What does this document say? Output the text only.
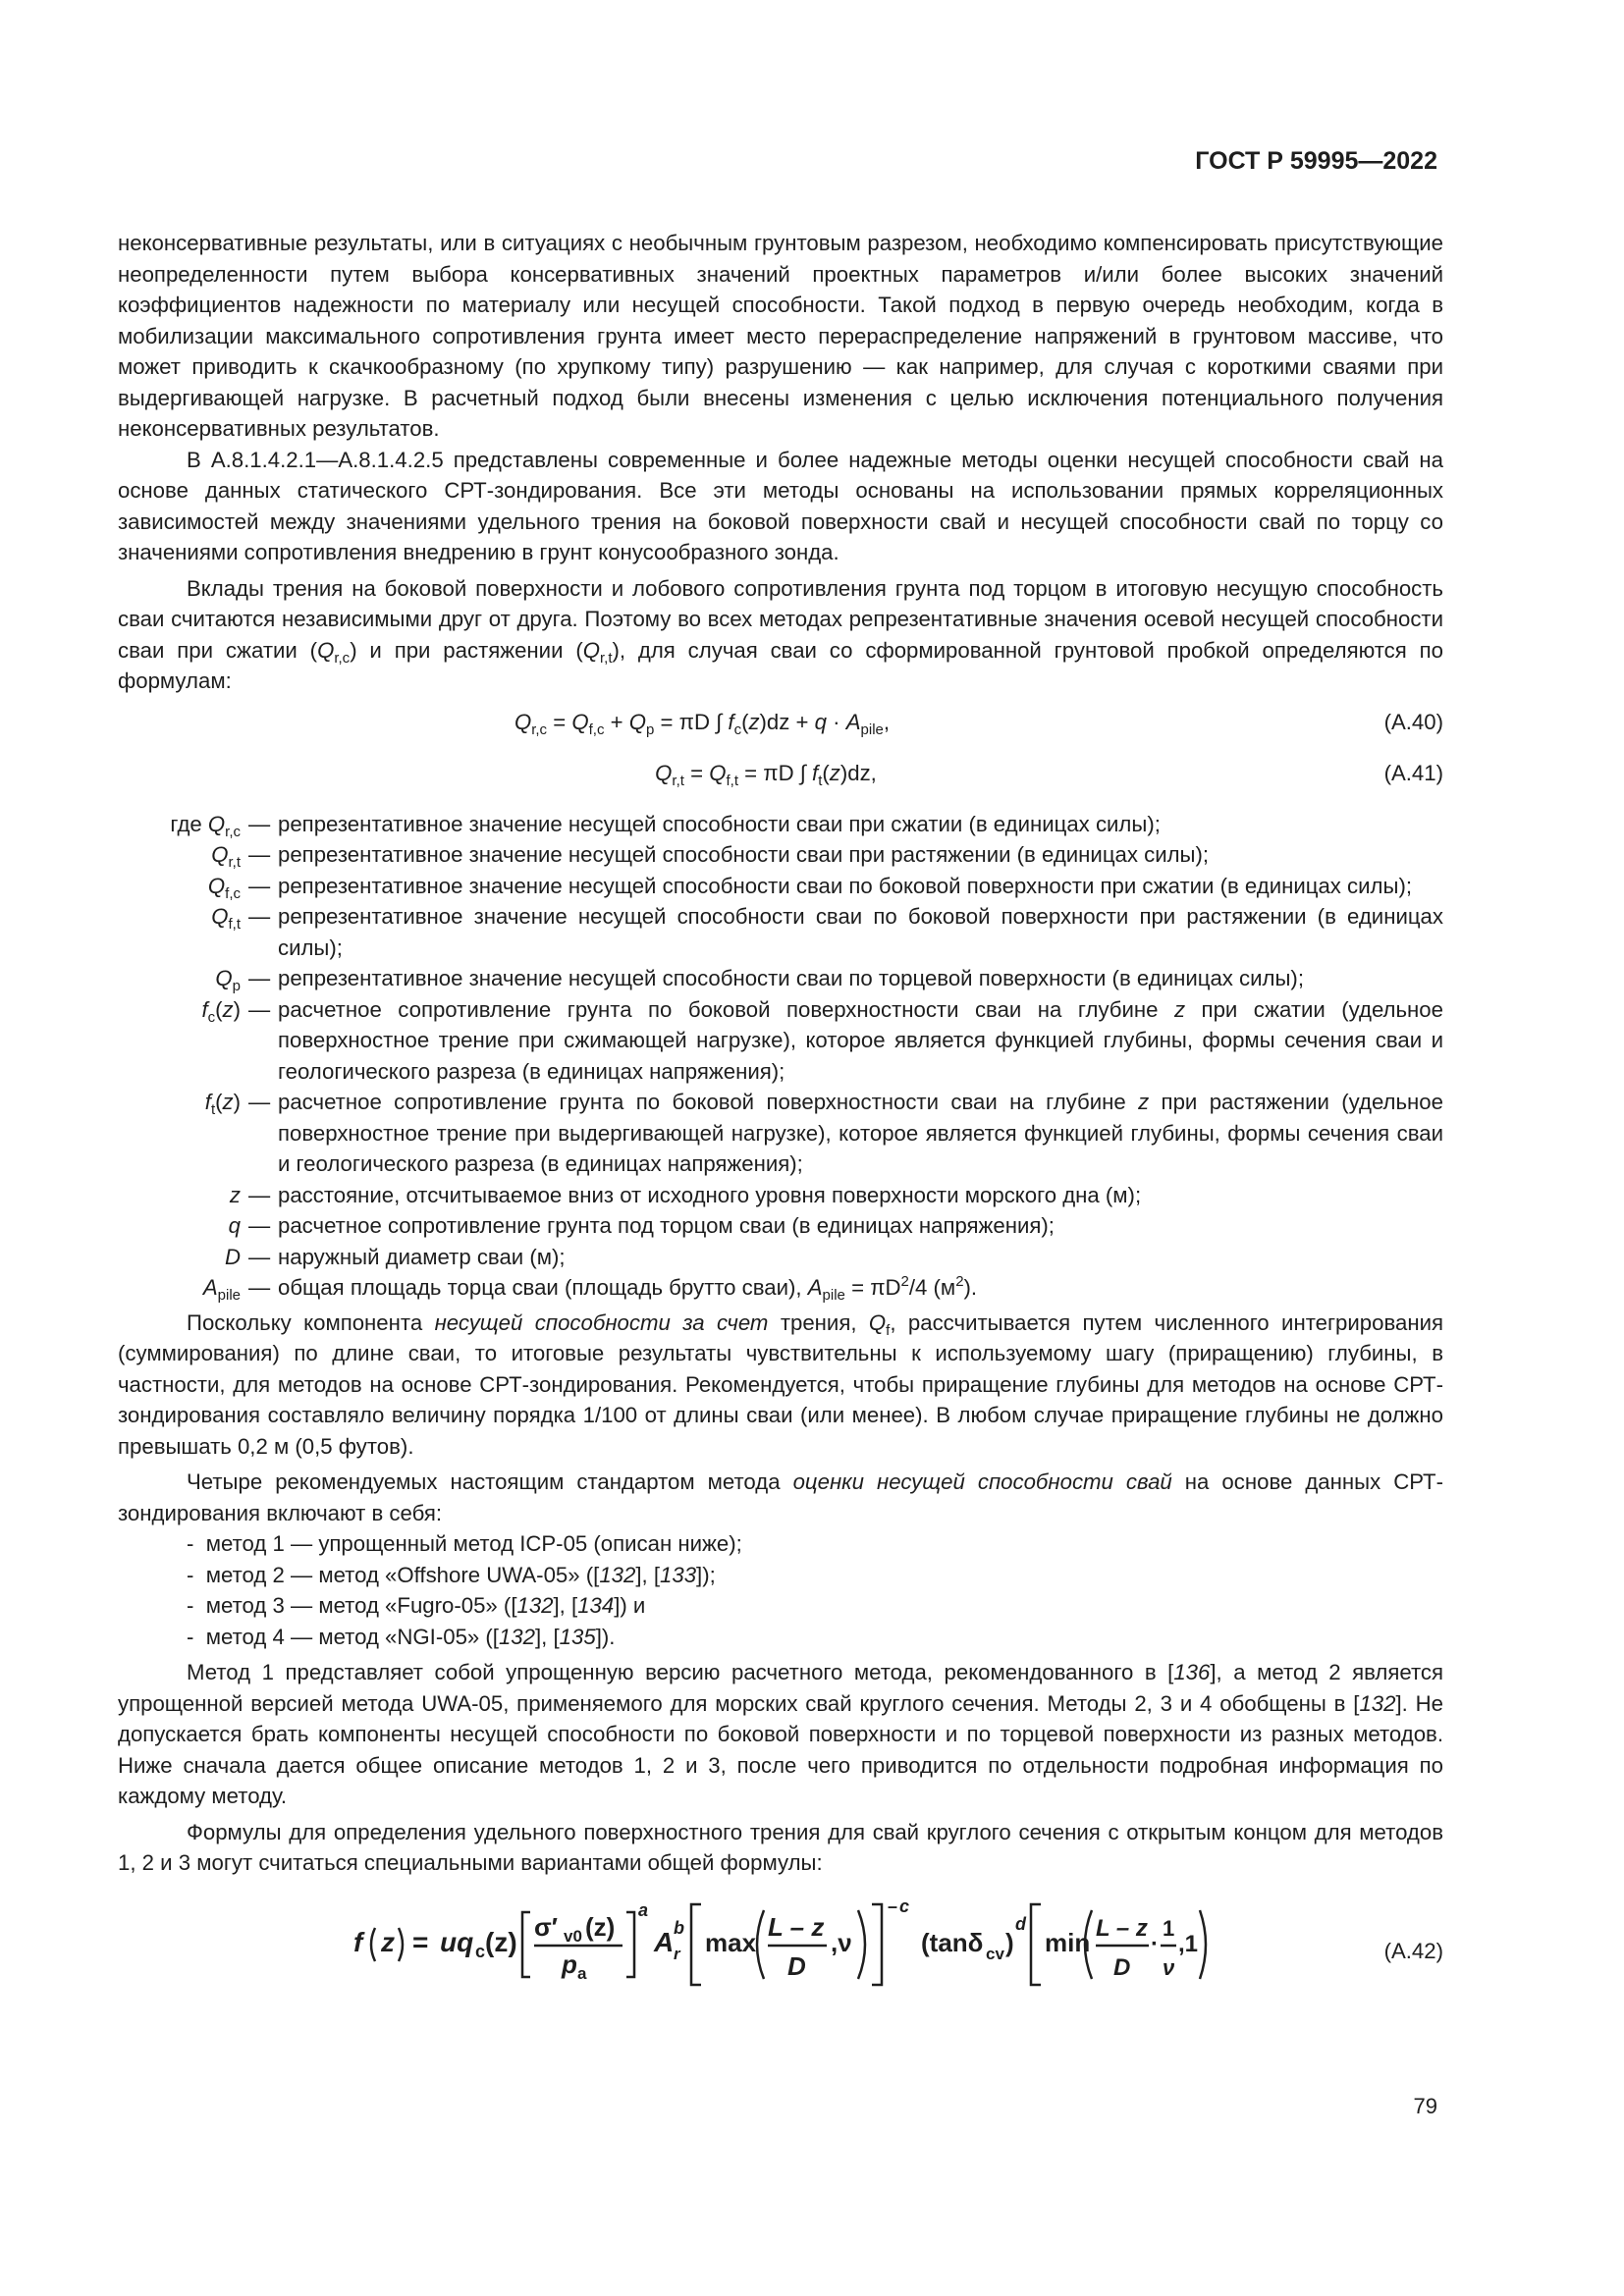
ГОСТ Р 59995—2022

неконсервативные результаты, или в ситуациях с необычным грунтовым разрезом, необходимо компенсировать присутствующие неопределенности путем выбора консервативных значений проектных параметров и/или более высоких значений коэффициентов надежности по материалу или несущей способности. Такой подход в первую очередь необходим, когда в мобилизации максимального сопротивления грунта имеет место перераспределение напряжений в грунтовом массиве, что может приводить к скачкообразному (по хрупкому типу) разрушению — как например, для случая с короткими сваями при выдергивающей нагрузке. В расчетный подход были внесены изменения с целью исключения потенциального получения неконсервативных результатов.

В А.8.1.4.2.1—А.8.1.4.2.5 представлены современные и более надежные методы оценки несущей способности свай на основе данных статического СРТ-зондирования. Все эти методы основаны на использовании прямых корреляционных зависимостей между значениями удельного трения на боковой поверхности свай и несущей способности свай по торцу со значениями сопротивления внедрению в грунт конусообразного зонда.

Вклады трения на боковой поверхности и лобового сопротивления грунта под торцом в итоговую несущую способность сваи считаются независимыми друг от друга. Поэтому во всех методах репрезентативные значения осевой несущей способности сваи при сжатии $(Q_{r,c})$ и при растяжении $(Q_{r,t})$, для случая сваи со сформированной грунтовой пробкой определяются по формулам:

$Q_{r,c} = Q_{f,c} + Q_p = \pi D$ ∫ $f_c(z)dz + q \cdot A_{pile}$,	(А.40)
$Q_{r,t} = Q_{f,t} = \pi D$ ∫ $f_t(z)dz$,	(А.41)
где $Q_{r,c}$ — репрезентативное значение несущей способности сваи при сжатии (в единицах силы);
$Q_{r,t}$ — репрезентативное значение несущей способности сваи при растяжении (в единицах силы);
$Q_{f,c}$ — репрезентативное значение несущей способности сваи по боковой поверхности при сжатии (в единицах силы);
$Q_{f,t}$ — репрезентативное значение несущей способности сваи по боковой поверхности при растяжении (в единицах силы);
$Q_p$ — репрезентативное значение несущей способности сваи по торцевой поверхности (в единицах силы);
$f_c(z)$ — расчетное сопротивление грунта по боковой поверхностности сваи на глубине z при сжатии (удельное поверхностное трение при сжимающей нагрузке), которое является функцией глубины, формы сечения сваи и геологического разреза (в единицах напряжения);
$f_t(z)$ — расчетное сопротивление грунта по боковой поверхностности сваи на глубине z при растяжении (удельное поверхностное трение при выдергивающей нагрузке), которое является функцией глубины, формы сечения сваи и геологического разреза (в единицах напряжения);
z — расстояние, отсчитываемое вниз от исходного уровня поверхности морского дна (м);
q — расчетное сопротивление грунта под торцом сваи (в единицах напряжения);
D — наружный диаметр сваи (м);
$A_{pile}$ — общая площадь торца сваи (площадь брутто сваи), $A_{pile} = \pi D^2/4$ $(м^2)$.

Поскольку компонента несущей способности за счет трения, $Q_f$, рассчитывается путем численного интегрирования (суммирования) по длине сваи, то итоговые результаты чувствительны к используемому шагу (приращению) глубины, в частности, для методов на основе СРТ-зондирования. Рекомендуется, чтобы приращение глубины для методов на основе СРТ-зондирования составляло величину порядка 1/100 от длины сваи (или менее). В любом случае приращение глубины не должно превышать 0,2 м (0,5 футов).

Четыре рекомендуемых настоящим стандартом метода оценки несущей способности свай на основе данных СРТ-зондирования включают в себя:

- метод 1 — упрощенный метод ICP-05 (описан ниже);
- метод 2 — метод «Offshore UWA-05» ([132], [133]);
- метод 3 — метод «Fugro-05» ([132], [134]) и
- метод 4 — метод «NGI-05» ([132], [135]).

Метод 1 представляет собой упрощенную версию расчетного метода, рекомендованного в [136], а метод 2 является упрощенной версией метода UWA-05, применяемого для морских свай круглого сечения. Методы 2, 3 и 4 обобщены в [132]. Не допускается брать компоненты несущей способности по боковой поверхности и по торцевой поверхности из разных методов. Ниже сначала дается общее описание методов 1, 2 и 3, после чего приводится по отдельности подробная информация по каждому методу.

Формулы для определения удельного поверхностного трения для свай круглого сечения с открытым концом для методов 1, 2 и 3 могут считаться специальными вариантами общей формулы:

f z = uq c (z) σ′ v0 (z)
p a
a
A r
b max
L – z
D
,ν
– c
(tanδ cv )
d
min L – z
D
·
1
ν
,1	(А.42)
79
